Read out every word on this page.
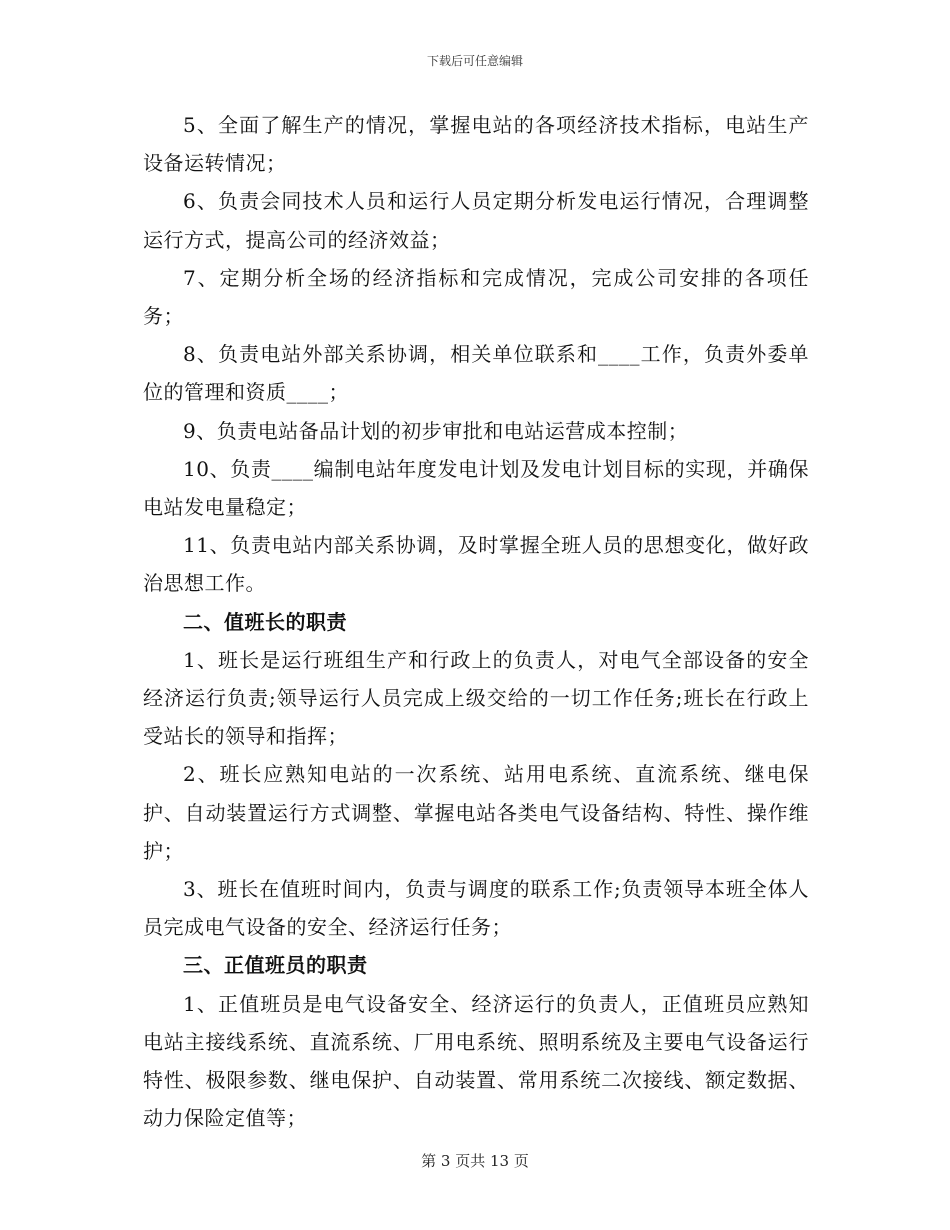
下载后可任意编辑

5、全面了解生产的情况，掌握电站的各项经济技术指标，电站生产设备运转情况；

6、负责会同技术人员和运行人员定期分析发电运行情况，合理调整运行方式，提高公司的经济效益；

7、定期分析全场的经济指标和完成情况，完成公司安排的各项任务；

8、负责电站外部关系协调，相关单位联系和____工作，负责外委单位的管理和资质____；

9、负责电站备品计划的初步审批和电站运营成本控制；

10、负责____编制电站年度发电计划及发电计划目标的实现，并确保电站发电量稳定；

11、负责电站内部关系协调，及时掌握全班人员的思想变化，做好政治思想工作。

二、值班长的职责

1、班长是运行班组生产和行政上的负责人，对电气全部设备的安全经济运行负责;领导运行人员完成上级交给的一切工作任务;班长在行政上受站长的领导和指挥；

2、班长应熟知电站的一次系统、站用电系统、直流系统、继电保护、自动装置运行方式调整、掌握电站各类电气设备结构、特性、操作维护；

3、班长在值班时间内，负责与调度的联系工作;负责领导本班全体人员完成电气设备的安全、经济运行任务；

三、正值班员的职责

1、正值班员是电气设备安全、经济运行的负责人，正值班员应熟知电站主接线系统、直流系统、厂用电系统、照明系统及主要电气设备运行特性、极限参数、继电保护、自动装置、常用系统二次接线、额定数据、动力保险定值等；

第 3 页共 13 页
